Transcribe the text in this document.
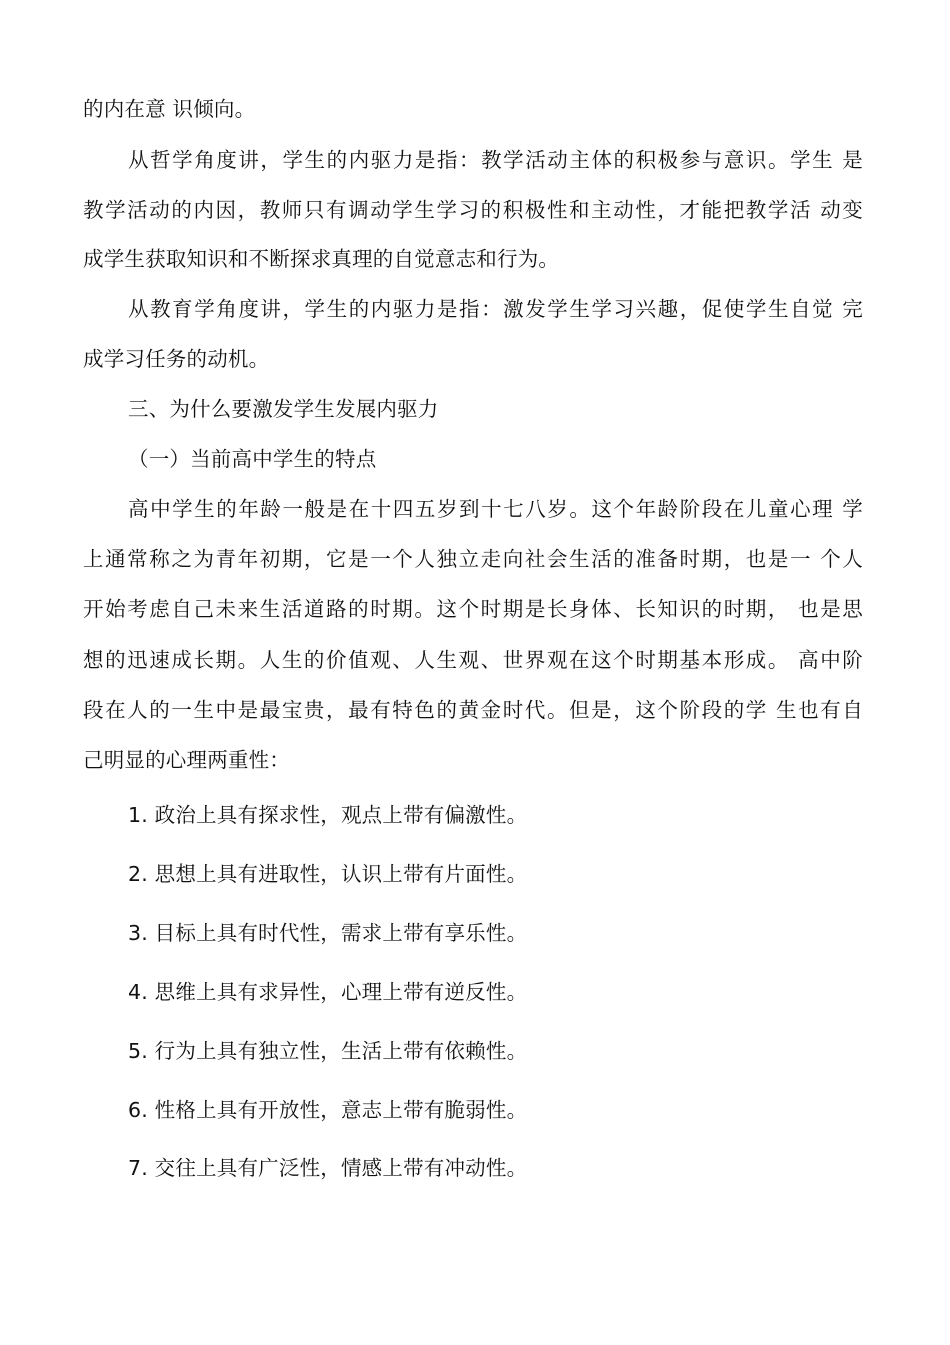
的内在意 识倾向。
从哲学角度讲，学生的内驱力是指：教学活动主体的积极参与意识。学生 是
教学活动的内因，教师只有调动学生学习的积极性和主动性，才能把教学活 动变
成学生获取知识和不断探求真理的自觉意志和行为。
从教育学角度讲，学生的内驱力是指：激发学生学习兴趣，促使学生自觉 完
成学习任务的动机。
三、为什么要激发学生发展内驱力
（一）当前高中学生的特点
高中学生的年龄一般是在十四五岁到十七八岁。这个年龄阶段在儿童心理 学
上通常称之为青年初期，它是一个人独立走向社会生活的准备时期，也是一 个人
开始考虑自己未来生活道路的时期。这个时期是长身体、长知识的时期， 也是思
想的迅速成长期。人生的价值观、人生观、世界观在这个时期基本形成。 高中阶
段在人的一生中是最宝贵，最有特色的黄金时代。但是，这个阶段的学 生也有自
己明显的心理两重性：
1. 政治上具有探求性，观点上带有偏激性。
2. 思想上具有进取性，认识上带有片面性。
3. 目标上具有时代性，需求上带有享乐性。
4. 思维上具有求异性，心理上带有逆反性。
5. 行为上具有独立性，生活上带有依赖性。
6. 性格上具有开放性，意志上带有脆弱性。
7. 交往上具有广泛性，情感上带有冲动性。
